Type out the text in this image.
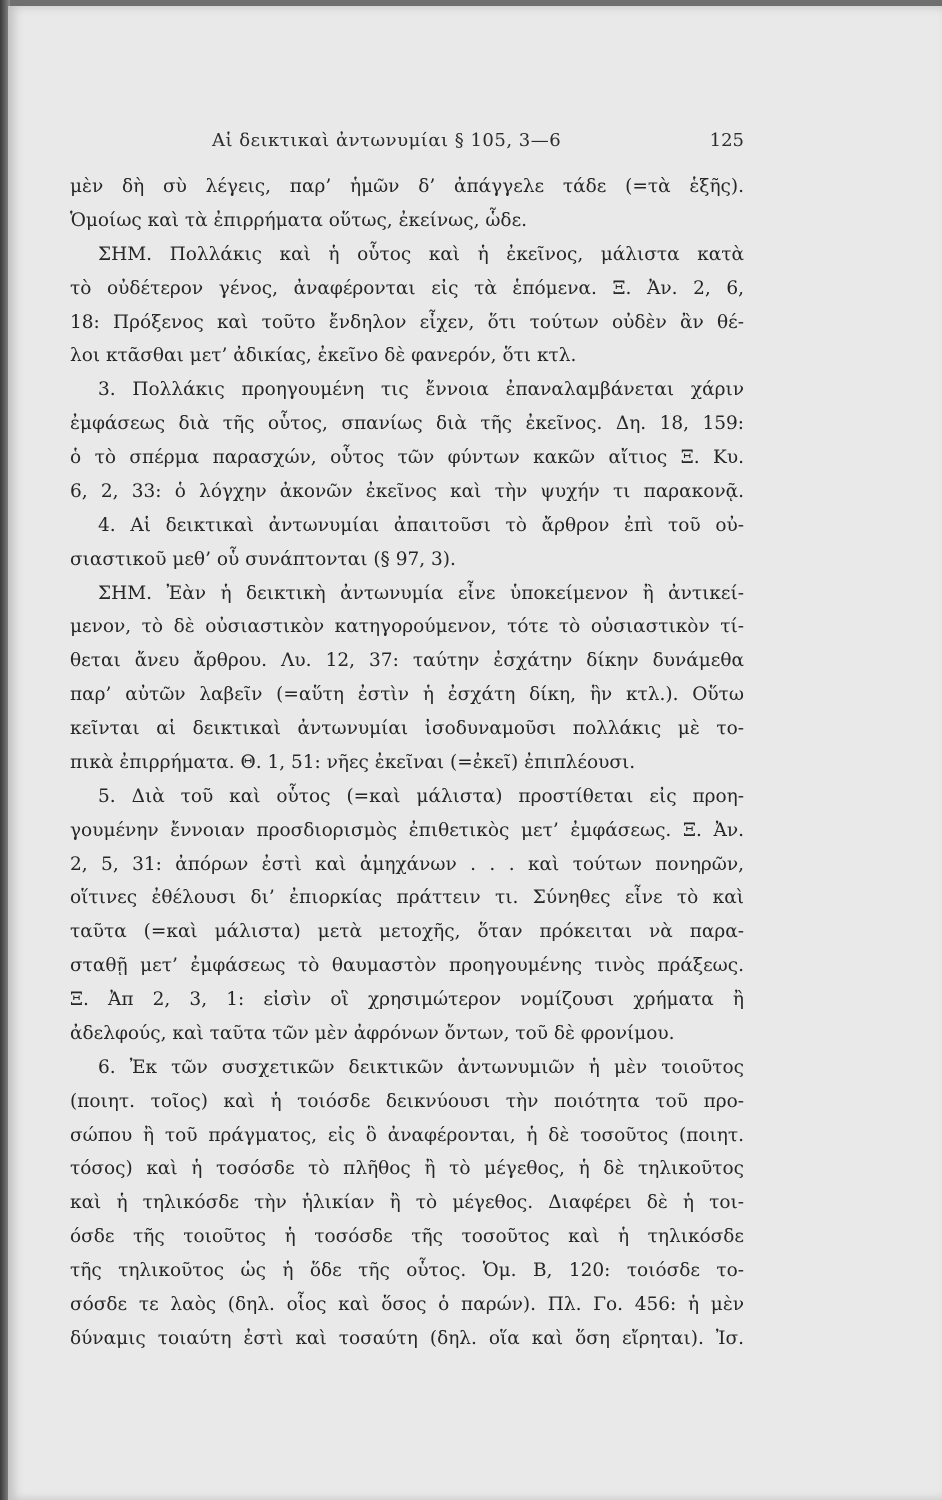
Αἱ δεικτικαὶ ἀντωνυμίαι § 105, 3—6	125
μὲν δὴ σὺ λέγεις, παρ’ ἡμῶν δ’ ἀπάγγελε τάδε (=τὰ ἑξῆς).
Ὁμοίως καὶ τὰ ἐπιρρήματα οὕτως, ἐκείνως, ὧδε.
ΣΗΜ. Πολλάκις καὶ ἡ οὗτος καὶ ἡ ἐκεῖνος, μάλιστα κατὰ
τὸ οὐδέτερον γένος, ἀναφέρονται εἰς τὰ ἑπόμενα. Ξ. Ἀν. 2, 6,
18: Πρόξενος καὶ τοῦτο ἔνδηλον εἶχεν, ὅτι τούτων οὐδὲν ἂν θέ-
λοι κτᾶσθαι μετ’ ἀδικίας, ἐκεῖνο δὲ φανερόν, ὅτι κτλ.
3. Πολλάκις προηγουμένη τις ἔννοια ἐπαναλαμβάνεται χάριν
ἐμφάσεως διὰ τῆς οὗτος, σπανίως διὰ τῆς ἐκεῖνος. Δη. 18, 159:
ὁ τὸ σπέρμα παρασχών, οὗτος τῶν φύντων κακῶν αἴτιος Ξ. Κυ.
6, 2, 33: ὁ λόγχην ἀκονῶν ἐκεῖνος καὶ τὴν ψυχήν τι παρακονᾷ.
4. Αἱ δεικτικαὶ ἀντωνυμίαι ἀπαιτοῦσι τὸ ἄρθρον ἐπὶ τοῦ οὐ-
σιαστικοῦ μεθ’ οὗ συνάπτονται (§ 97, 3).
ΣΗΜ. Ἐὰν ἡ δεικτικὴ ἀντωνυμία εἶνε ὑποκείμενον ἢ ἀντικεί-
μενον, τὸ δὲ οὐσιαστικὸν κατηγορούμενον, τότε τὸ οὐσιαστικὸν τί-
θεται ἄνευ ἄρθρου. Λυ. 12, 37: ταύτην ἐσχάτην δίκην δυνάμεθα
παρ’ αὐτῶν λαβεῖν (=αὕτη ἐστὶν ἡ ἐσχάτη δίκη, ἣν κτλ.). Οὕτω
κεῖνται αἱ δεικτικαὶ ἀντωνυμίαι ἰσοδυναμοῦσι πολλάκις μὲ το-
πικὰ ἐπιρρήματα. Θ. 1, 51: νῆες ἐκεῖναι (=ἐκεῖ) ἐπιπλέουσι.
5. Διὰ τοῦ καὶ οὗτος (=καὶ μάλιστα) προστίθεται εἰς προη-
γουμένην ἔννοιαν προσδιορισμὸς ἐπιθετικὸς μετ’ ἐμφάσεως. Ξ. Ἀν.
2, 5, 31: ἀπόρων ἐστὶ καὶ ἀμηχάνων . . . καὶ τούτων πονηρῶν,
οἵτινες ἐθέλουσι δι’ ἐπιορκίας πράττειν τι. Σύνηθες εἶνε τὸ καὶ
ταῦτα (=καὶ μάλιστα) μετὰ μετοχῆς, ὅταν πρόκειται νὰ παρα-
σταθῇ μετ’ ἐμφάσεως τὸ θαυμαστὸν προηγουμένης τινὸς πράξεως.
Ξ. Ἀπ 2, 3, 1: εἰσὶν οἳ χρησιμώτερον νομίζουσι χρήματα ἢ
ἀδελφούς, καὶ ταῦτα τῶν μὲν ἀφρόνων ὄντων, τοῦ δὲ φρονίμου.
6. Ἐκ τῶν συσχετικῶν δεικτικῶν ἀντωνυμιῶν ἡ μὲν τοιοῦτος
(ποιητ. τοῖος) καὶ ἡ τοιόσδε δεικνύουσι τὴν ποιότητα τοῦ προ-
σώπου ἢ τοῦ πράγματος, εἰς ὃ ἀναφέρονται, ἡ δὲ τοσοῦτος (ποιητ.
τόσος) καὶ ἡ τοσόσδε τὸ πλῆθος ἢ τὸ μέγεθος, ἡ δὲ τηλικοῦτος
καὶ ἡ τηλικόσδε τὴν ἡλικίαν ἢ τὸ μέγεθος. Διαφέρει δὲ ἡ τοι-
όσδε τῆς τοιοῦτος ἡ τοσόσδε τῆς τοσοῦτος καὶ ἡ τηλικόσδε
τῆς τηλικοῦτος ὡς ἡ ὅδε τῆς οὗτος. Ὁμ. Β, 120: τοιόσδε το-
σόσδε τε λαὸς (δηλ. οἷος καὶ ὅσος ὁ παρών). Πλ. Γο. 456: ἡ μὲν
δύναμις τοιαύτη ἐστὶ καὶ τοσαύτη (δηλ. οἵα καὶ ὅση εἴρηται). Ἰσ.
